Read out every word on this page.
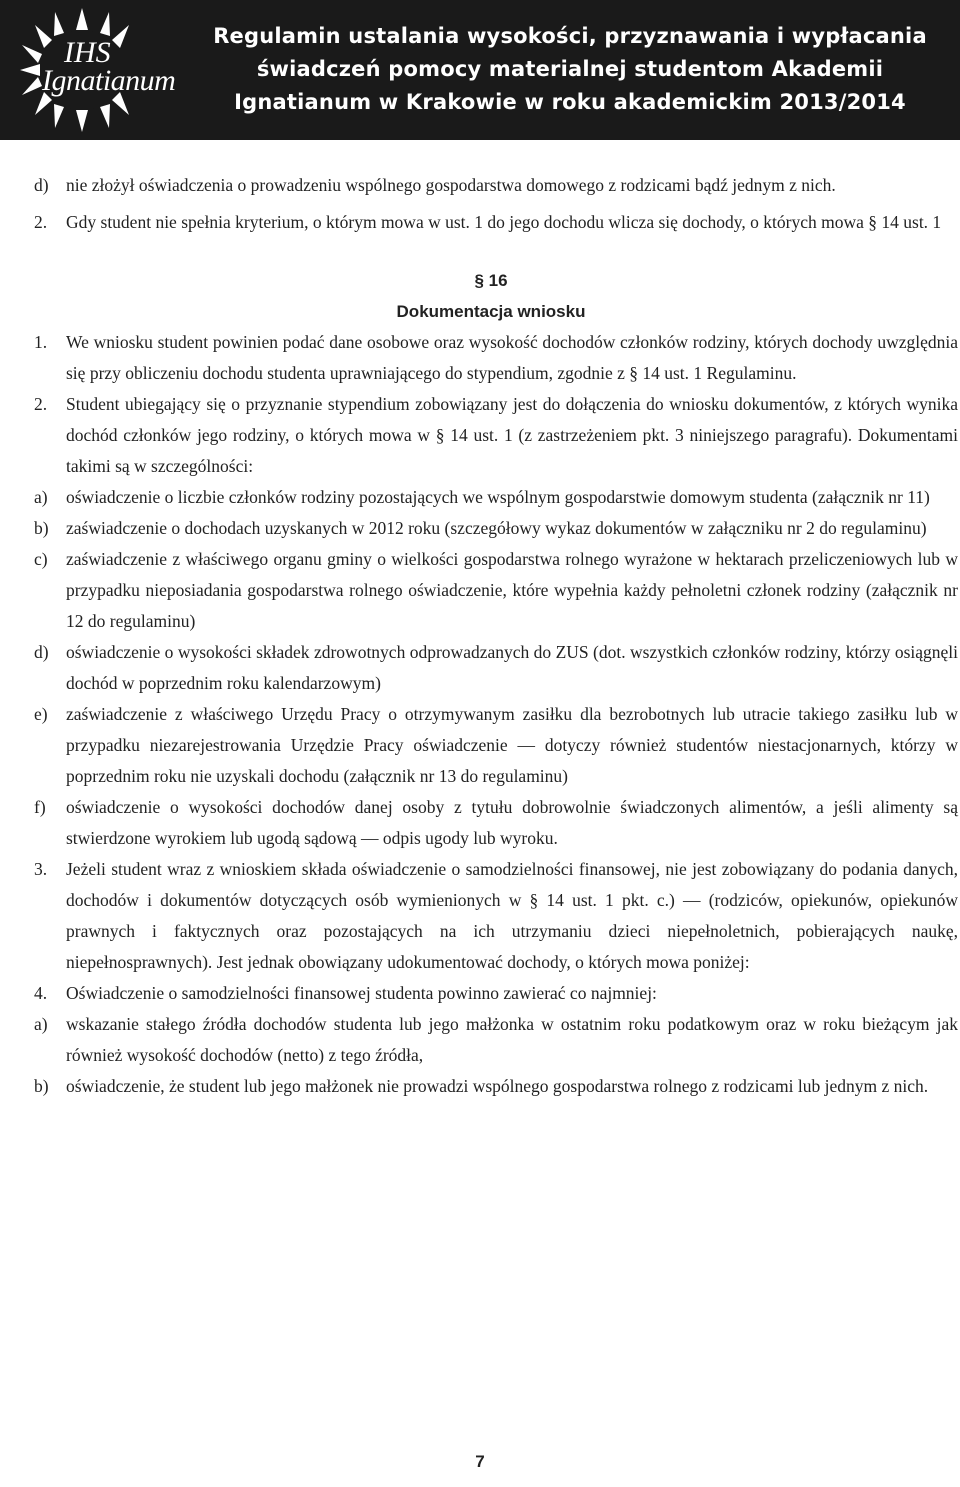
IHS
Ignatianum
Regulamin ustalania wysokości, przyznawania i wypłacania
świadczeń pomocy materialnej studentom Akademii
Ignatianum w Krakowie w roku akademickim 2013/2014
d) nie złożył oświadczenia o prowadzeniu wspólnego gospodarstwa domowego z rodzicami bądź jednym z nich.
2. Gdy student nie spełnia kryterium, o którym mowa w ust. 1 do jego dochodu wlicza się dochody, o których mowa § 14 ust. 1
§ 16
Dokumentacja wniosku
1. We wniosku student powinien podać dane osobowe oraz wysokość dochodów członków rodziny, których dochody uwzględnia się przy obliczeniu dochodu studenta uprawniającego do stypendium, zgodnie z § 14 ust. 1 Regulaminu.
2. Student ubiegający się o przyznanie stypendium zobowiązany jest do dołączenia do wniosku dokumentów, z których wynika dochód członków jego rodziny, o których mowa w § 14 ust. 1 (z zastrzeżeniem pkt. 3 niniejszego paragrafu). Dokumentami takimi są w szczególności:
a) oświadczenie o liczbie członków rodziny pozostających we wspólnym gospodarstwie domowym studenta (załącznik nr 11)
b) zaświadczenie o dochodach uzyskanych w 2012 roku (szczegółowy wykaz dokumentów w załączniku nr 2 do regulaminu)
c) zaświadczenie z właściwego organu gminy o wielkości gospodarstwa rolnego wyrażone w hektarach przeliczeniowych lub w przypadku nieposiadania gospodarstwa rolnego oświadczenie, które wypełnia każdy pełnoletni członek rodziny (załącznik nr 12 do regulaminu)
d) oświadczenie o wysokości składek zdrowotnych odprowadzanych do ZUS (dot. wszystkich członków rodziny, którzy osiągnęli dochód w poprzednim roku kalendarzowym)
e) zaświadczenie z właściwego Urzędu Pracy o otrzymywanym zasiłku dla bezrobotnych lub utracie takiego zasiłku lub w przypadku niezarejestrowania Urzędzie Pracy oświadczenie — dotyczy również studentów niestacjonarnych, którzy w poprzednim roku nie uzyskali dochodu (załącznik nr 13 do regulaminu)
f) oświadczenie o wysokości dochodów danej osoby z tytułu dobrowolnie świadczonych alimentów, a jeśli alimenty są stwierdzone wyrokiem lub ugodą sądową — odpis ugody lub wyroku.
3. Jeżeli student wraz z wnioskiem składa oświadczenie o samodzielności finansowej, nie jest zobowiązany do podania danych, dochodów i dokumentów dotyczących osób wymienionych w § 14 ust. 1 pkt. c.) — (rodziców, opiekunów, opiekunów prawnych i faktycznych oraz pozostających na ich utrzymaniu dzieci niepełnoletnich, pobierających naukę, niepełnosprawnych). Jest jednak obowiązany udokumentować dochody, o których mowa poniżej:
4. Oświadczenie o samodzielności finansowej studenta powinno zawierać co najmniej:
a) wskazanie stałego źródła dochodów studenta lub jego małżonka w ostatnim roku podatkowym oraz w roku bieżącym jak również wysokość dochodów (netto) z tego źródła,
b) oświadczenie, że student lub jego małżonek nie prowadzi wspólnego gospodarstwa rolnego z rodzicami lub jednym z nich.
7
